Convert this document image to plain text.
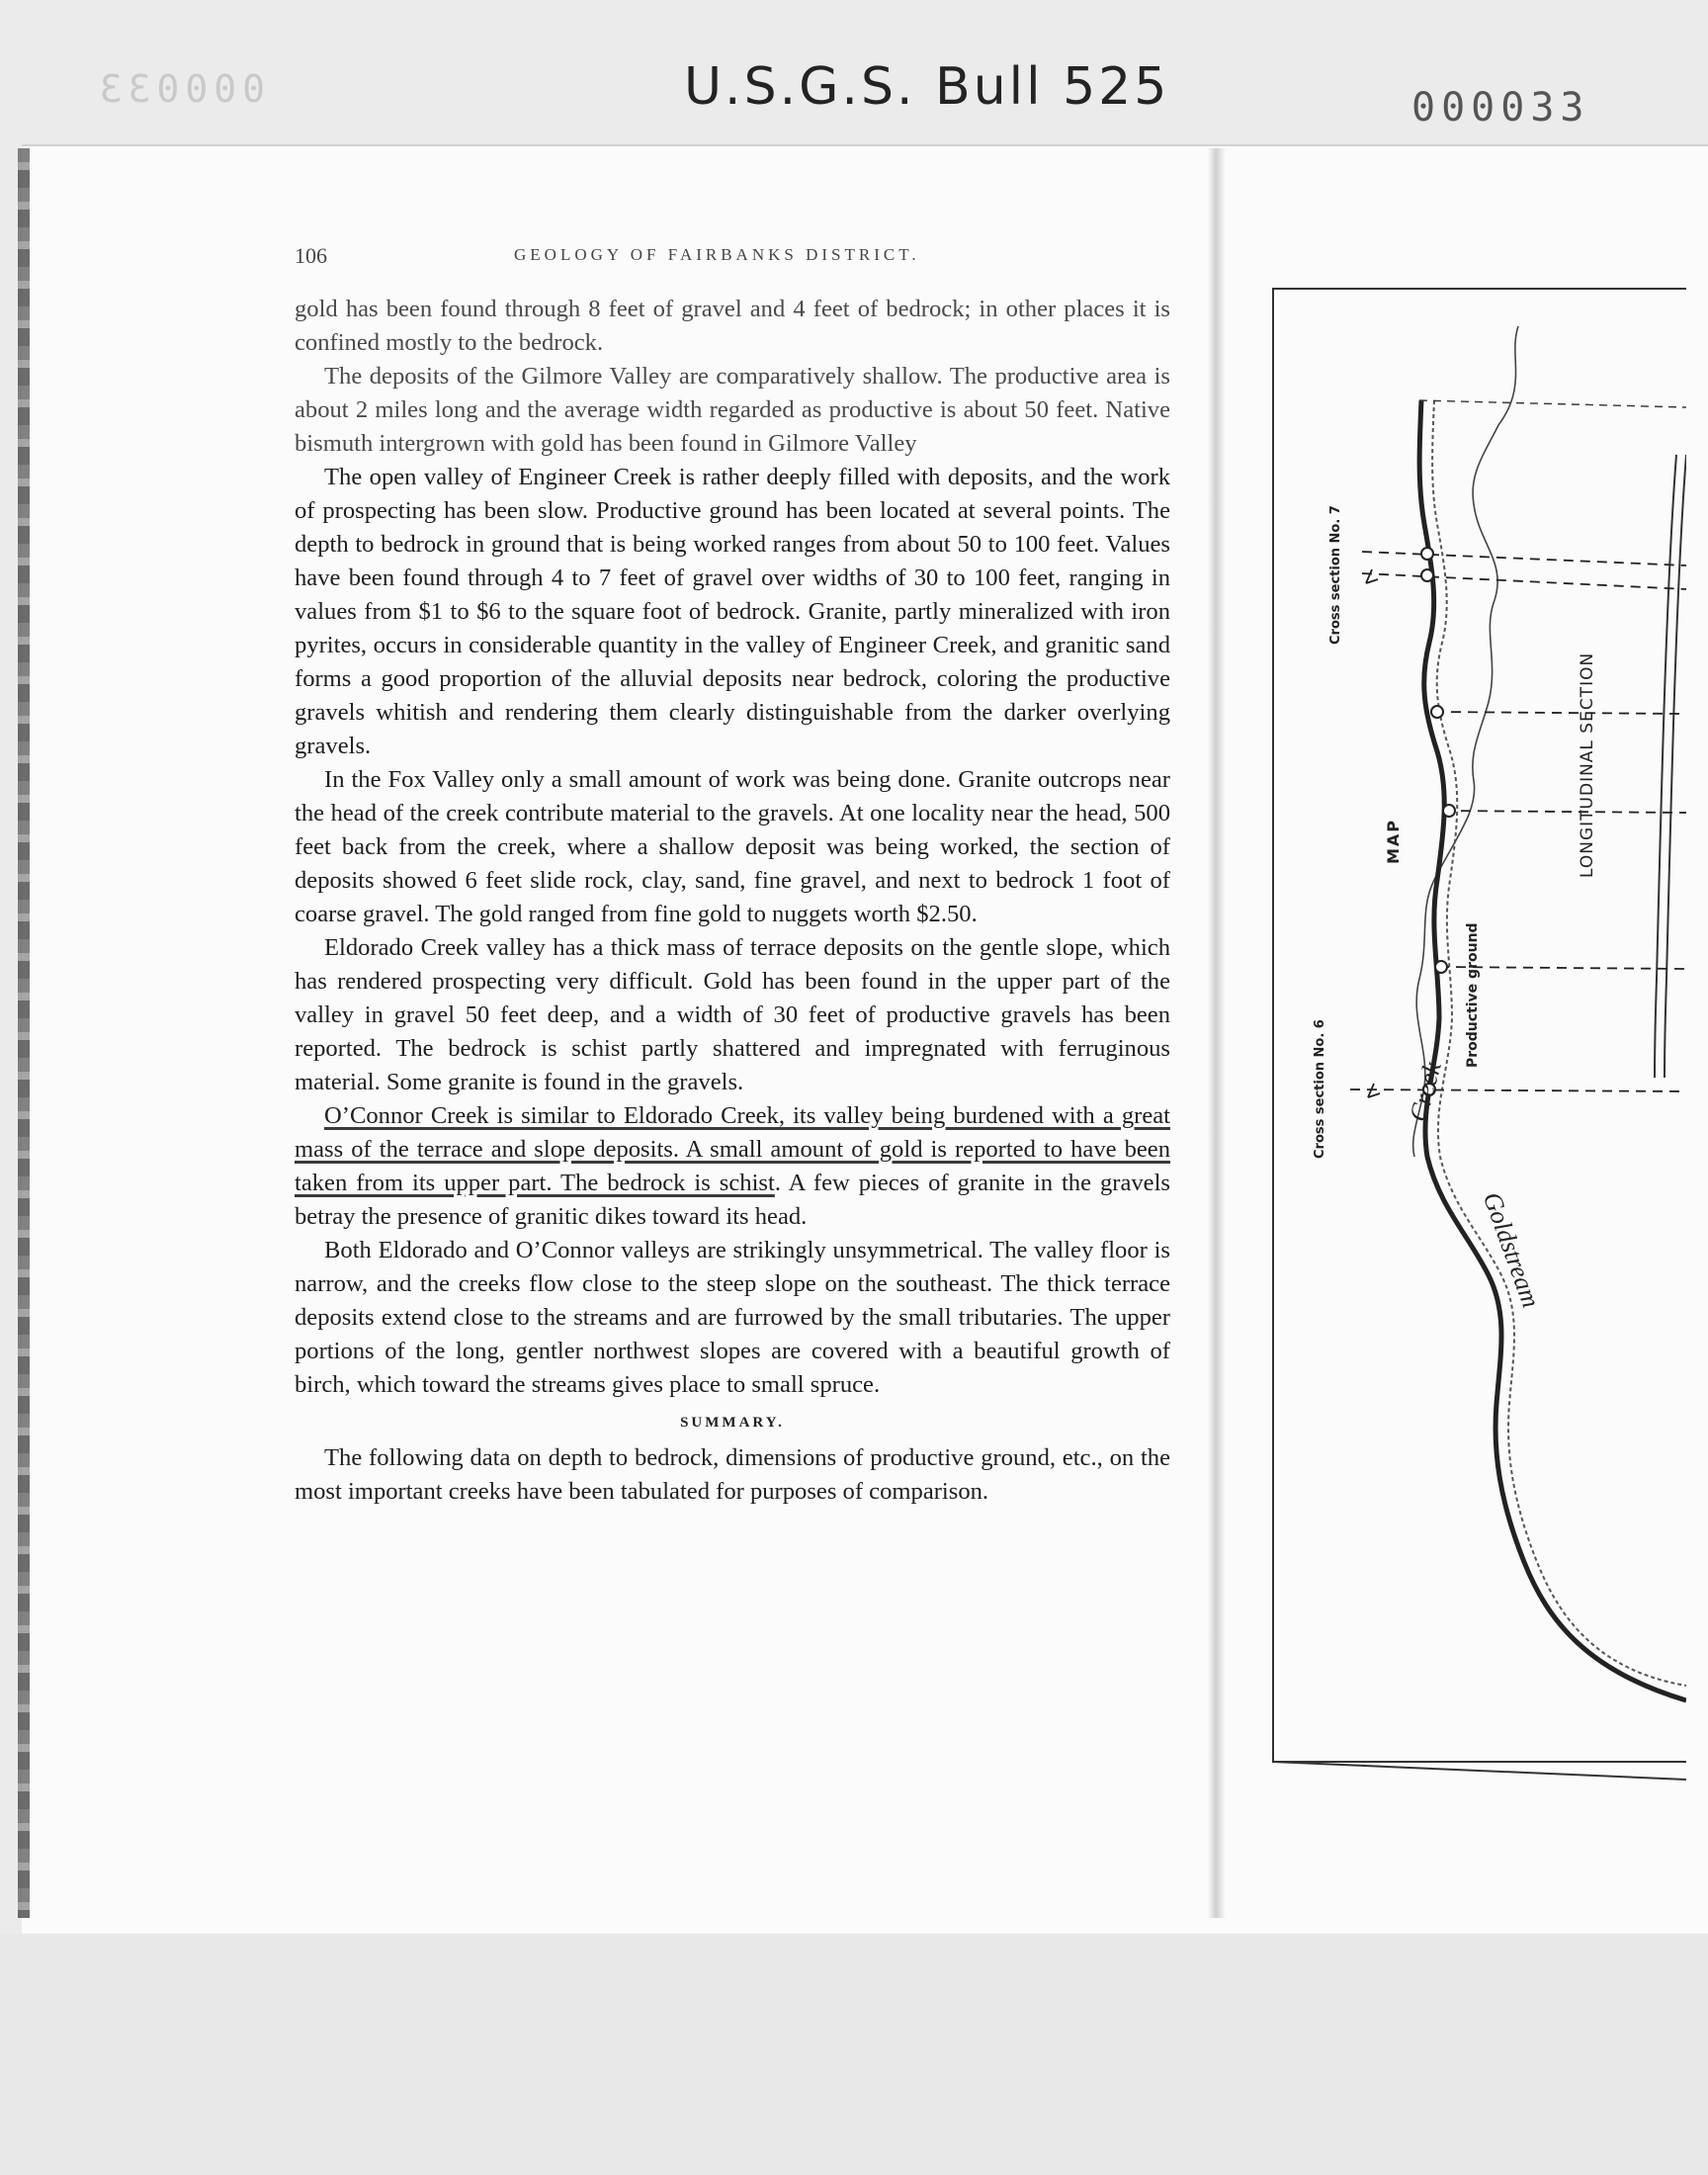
U.S.G.S. Bull 525
000033	000033
106	GEOLOGY OF FAIRBANKS DISTRICT.

gold has been found through 8 feet of gravel and 4 feet of bedrock; in other places it is confined mostly to the bedrock.

The deposits of the Gilmore Valley are comparatively shallow. The productive area is about 2 miles long and the average width regarded as productive is about 50 feet. Native bismuth intergrown with gold has been found in Gilmore Valley

The open valley of Engineer Creek is rather deeply filled with deposits, and the work of prospecting has been slow. Productive ground has been located at several points. The depth to bedrock in ground that is being worked ranges from about 50 to 100 feet. Values have been found through 4 to 7 feet of gravel over widths of 30 to 100 feet, ranging in values from $1 to $6 to the square foot of bedrock. Granite, partly mineralized with iron pyrites, occurs in considerable quantity in the valley of Engineer Creek, and granitic sand forms a good proportion of the alluvial deposits near bedrock, coloring the productive gravels whitish and rendering them clearly distinguishable from the darker overlying gravels.

In the Fox Valley only a small amount of work was being done. Granite outcrops near the head of the creek contribute material to the gravels. At one locality near the head, 500 feet back from the creek, where a shallow deposit was being worked, the section of deposits showed 6 feet slide rock, clay, sand, fine gravel, and next to bedrock 1 foot of coarse gravel. The gold ranged from fine gold to nuggets worth $2.50.

Eldorado Creek valley has a thick mass of terrace deposits on the gentle slope, which has rendered prospecting very difficult. Gold has been found in the upper part of the valley in gravel 50 feet deep, and a width of 30 feet of productive gravels has been reported. The bedrock is schist partly shattered and impregnated with ferruginous material. Some granite is found in the gravels.

O’Connor Creek is similar to Eldorado Creek, its valley being burdened with a great mass of the terrace and slope deposits. A small amount of gold is reported to have been taken from its upper part. The bedrock is schist. A few pieces of granite in the gravels betray the presence of granitic dikes toward its head.

Both Eldorado and O’Connor valleys are strikingly unsymmetrical. The valley floor is narrow, and the creeks flow close to the steep slope on the southeast. The thick terrace deposits extend close to the streams and are furrowed by the small tributaries. The upper portions of the long, gentler northwest slopes are covered with a beautiful growth of birch, which toward the streams gives place to small spruce.

SUMMARY.

The following data on depth to bedrock, dimensions of productive ground, etc., on the most important creeks have been tabulated for purposes of comparison.

Cross section No. 7
Cross section No. 6
MAP	LONGITUDINAL SECTION
Productive ground
Creek
Goldstream
